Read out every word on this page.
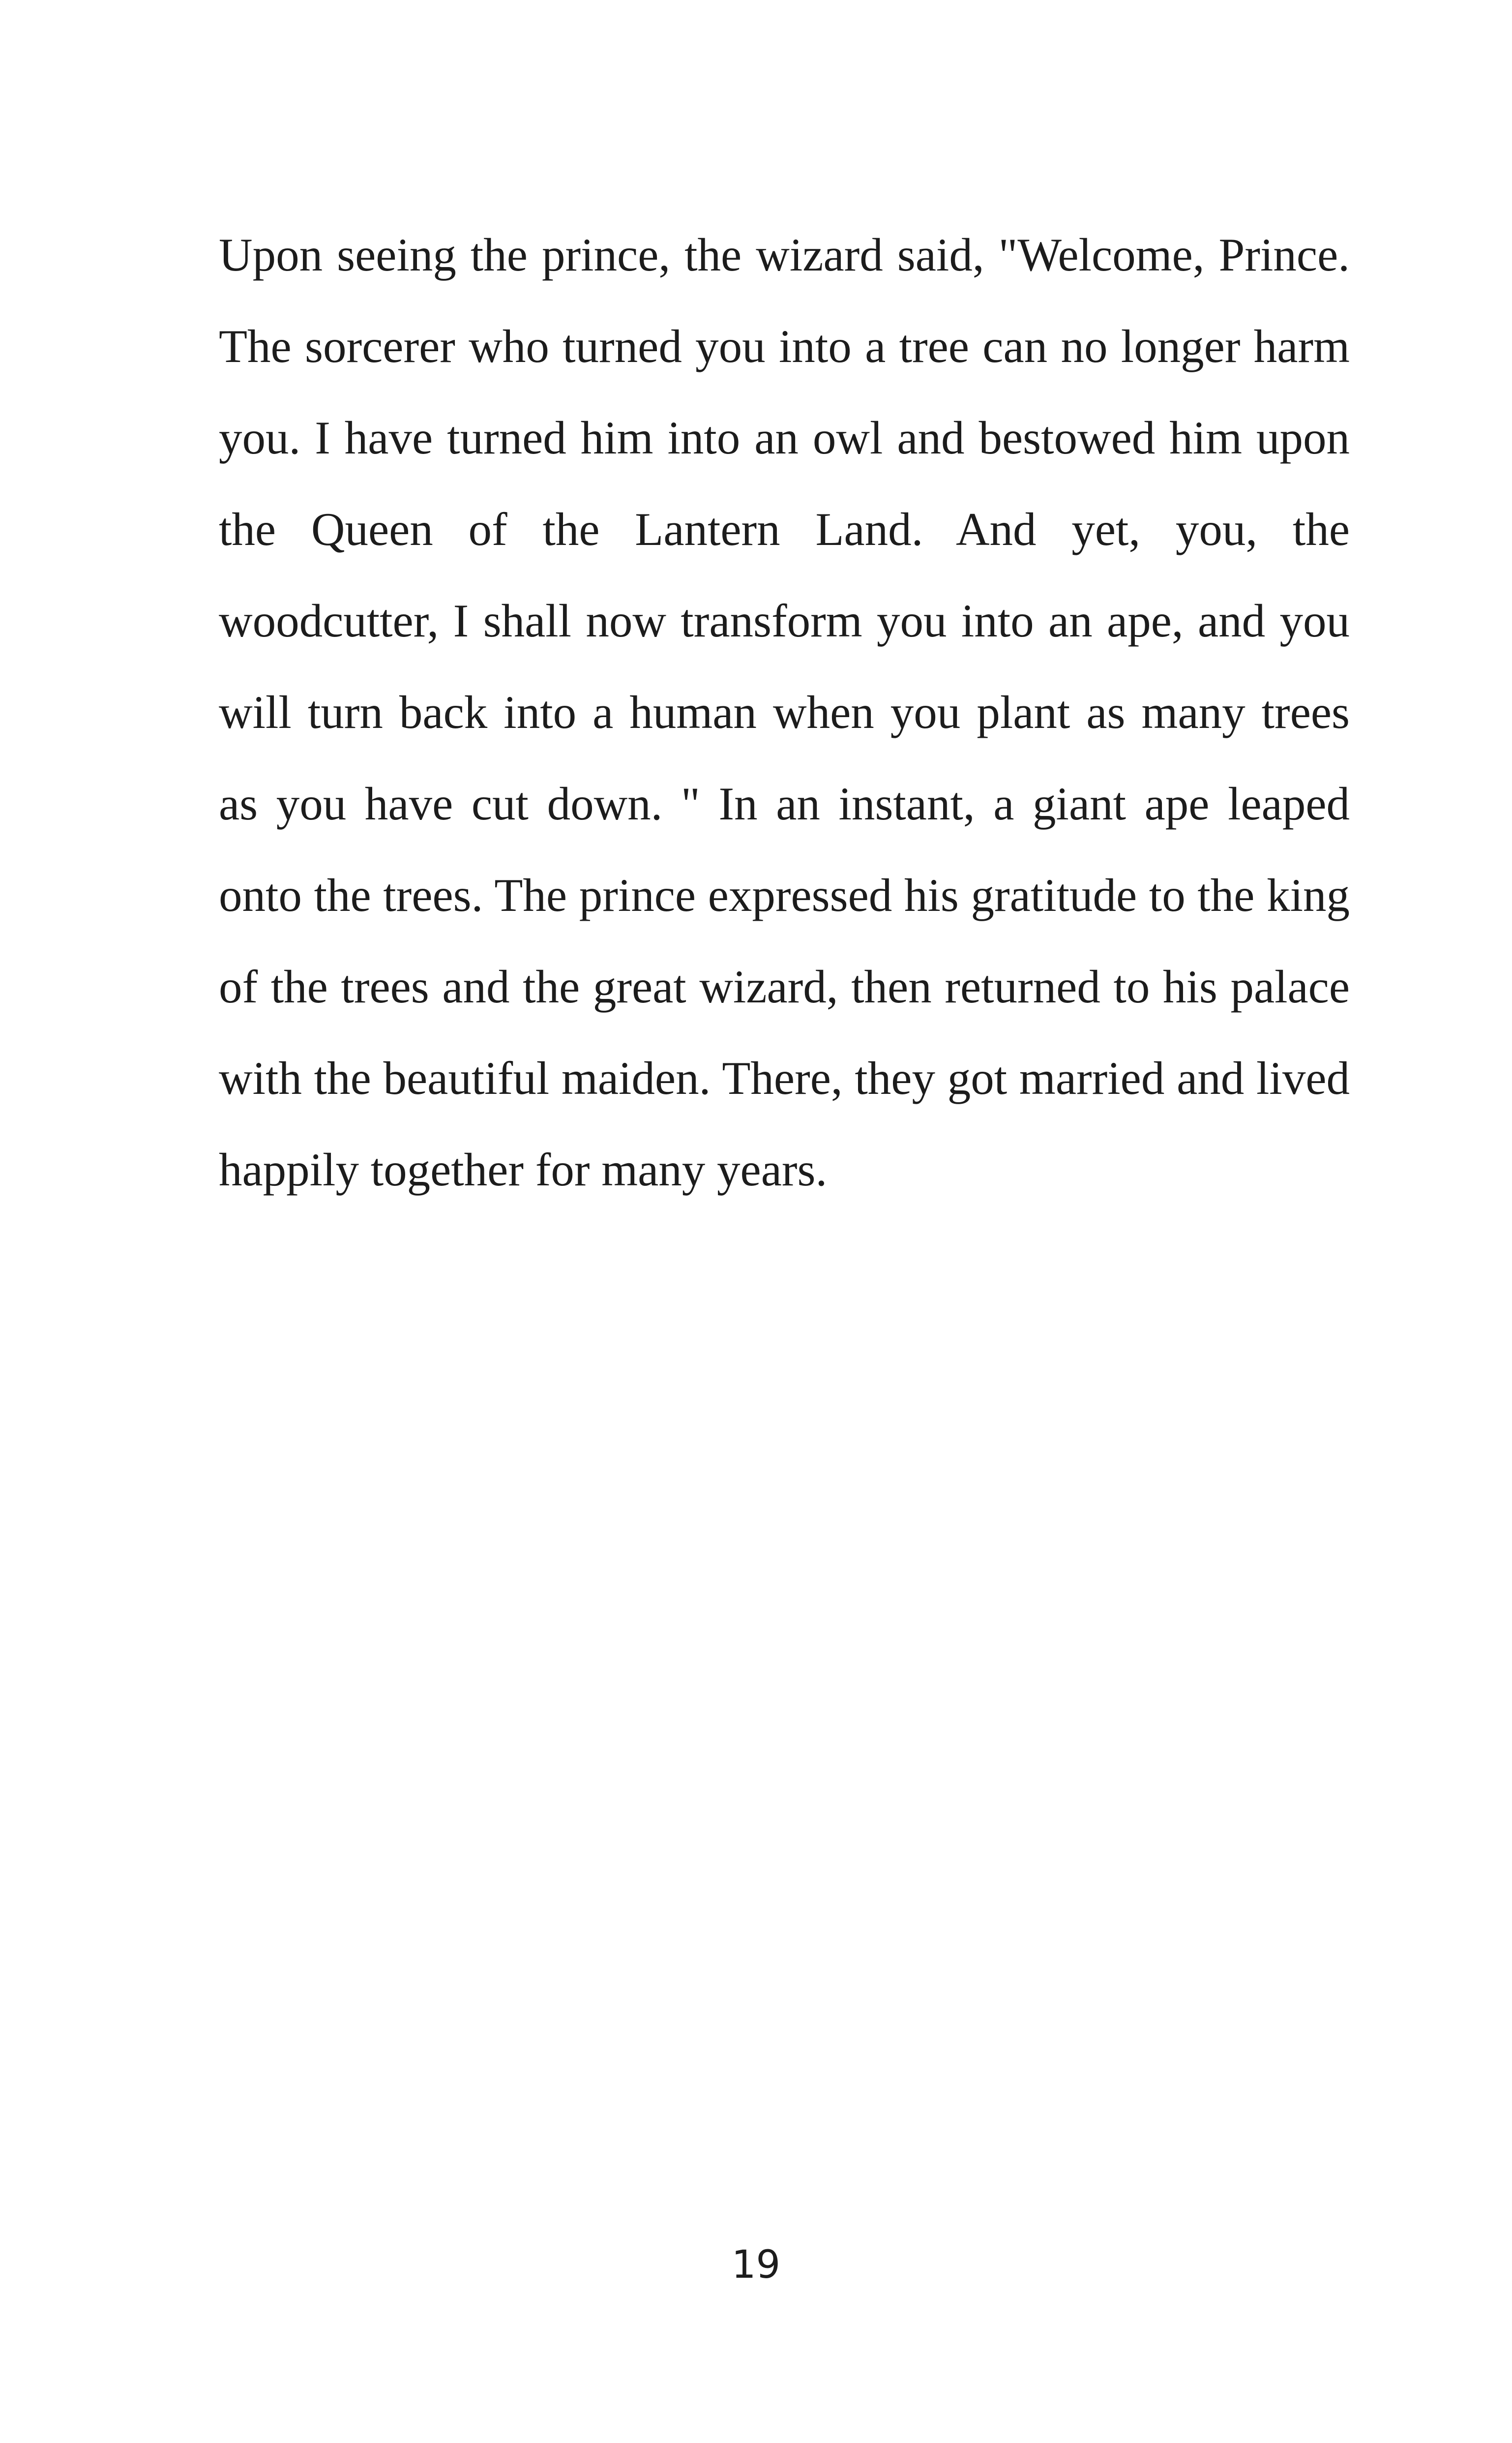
Upon seeing the prince, the wizard said, "Welcome, Prince. The sorcerer who turned you into a tree can no longer harm you. I have turned him into an owl and bestowed him upon the Queen of the Lantern Land. And yet, you, the woodcutter, I shall now transform you into an ape, and you will turn back into a human when you plant as many trees as you have cut down. " In an instant, a giant ape leaped onto the trees. The prince expressed his gratitude to the king of the trees and the great wizard, then returned to his palace with the beautiful maiden. There, they got married and lived happily together for many years.

19
